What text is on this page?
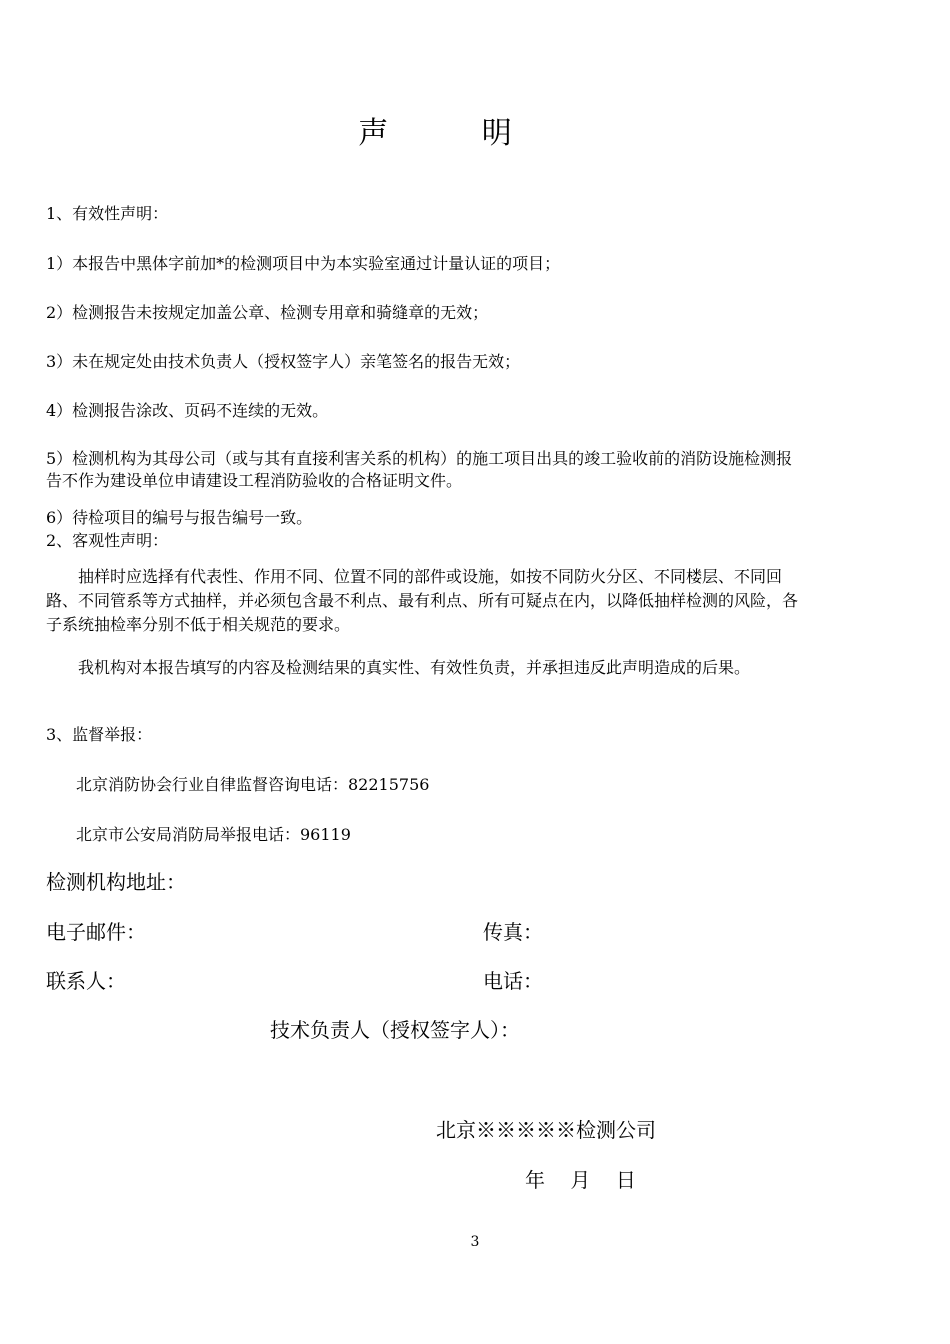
声 明
1、有效性声明：
1）本报告中黑体字前加*的检测项目中为本实验室通过计量认证的项目；
2）检测报告未按规定加盖公章、检测专用章和骑缝章的无效；
3）未在规定处由技术负责人（授权签字人）亲笔签名的报告无效；
4）检测报告涂改、页码不连续的无效。
5）检测机构为其母公司（或与其有直接利害关系的机构）的施工项目出具的竣工验收前的消防设施检测报告不作为建设单位申请建设工程消防验收的合格证明文件。
6）待检项目的编号与报告编号一致。
2、客观性声明：
抽样时应选择有代表性、作用不同、位置不同的部件或设施，如按不同防火分区、不同楼层、不同回路、不同管系等方式抽样，并必须包含最不利点、最有利点、所有可疑点在内，以降低抽样检测的风险，各子系统抽检率分别不低于相关规范的要求。
我机构对本报告填写的内容及检测结果的真实性、有效性负责，并承担违反此声明造成的后果。
3、监督举报：
北京消防协会行业自律监督咨询电话：82215756
北京市公安局消防局举报电话：96119
检测机构地址：
电子邮件：	传真：
联系人：	电话：
技术负责人（授权签字人）：
北京※※※※※检测公司
年    月    日
3
